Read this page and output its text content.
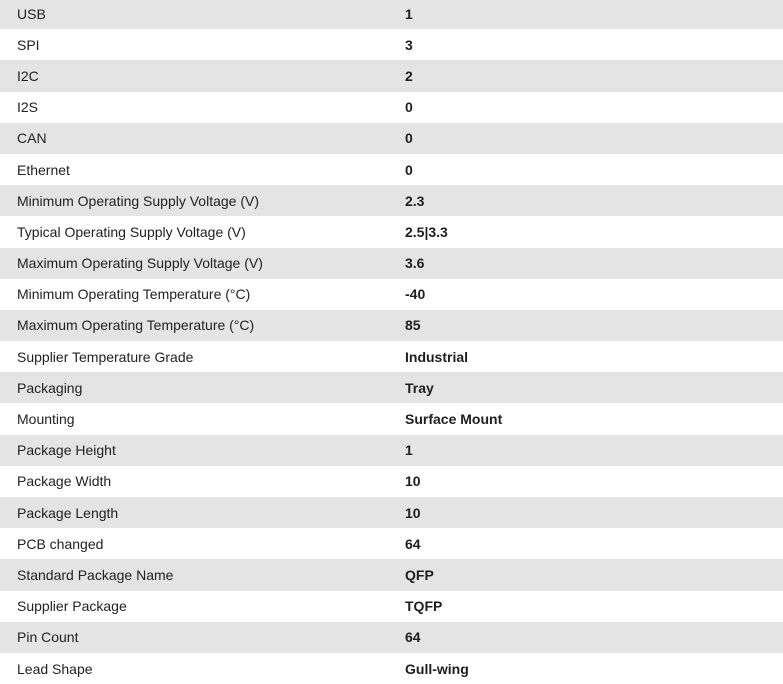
USB	1
SPI	3
I2C	2
I2S	0
CAN	0
Ethernet	0
Minimum Operating Supply Voltage (V)	2.3
Typical Operating Supply Voltage (V)	2.5|3.3
Maximum Operating Supply Voltage (V)	3.6
Minimum Operating Temperature (°C)	-40
Maximum Operating Temperature (°C)	85
Supplier Temperature Grade	Industrial
Packaging	Tray
Mounting	Surface Mount
Package Height	1
Package Width	10
Package Length	10
PCB changed	64
Standard Package Name	QFP
Supplier Package	TQFP
Pin Count	64
Lead Shape	Gull-wing
